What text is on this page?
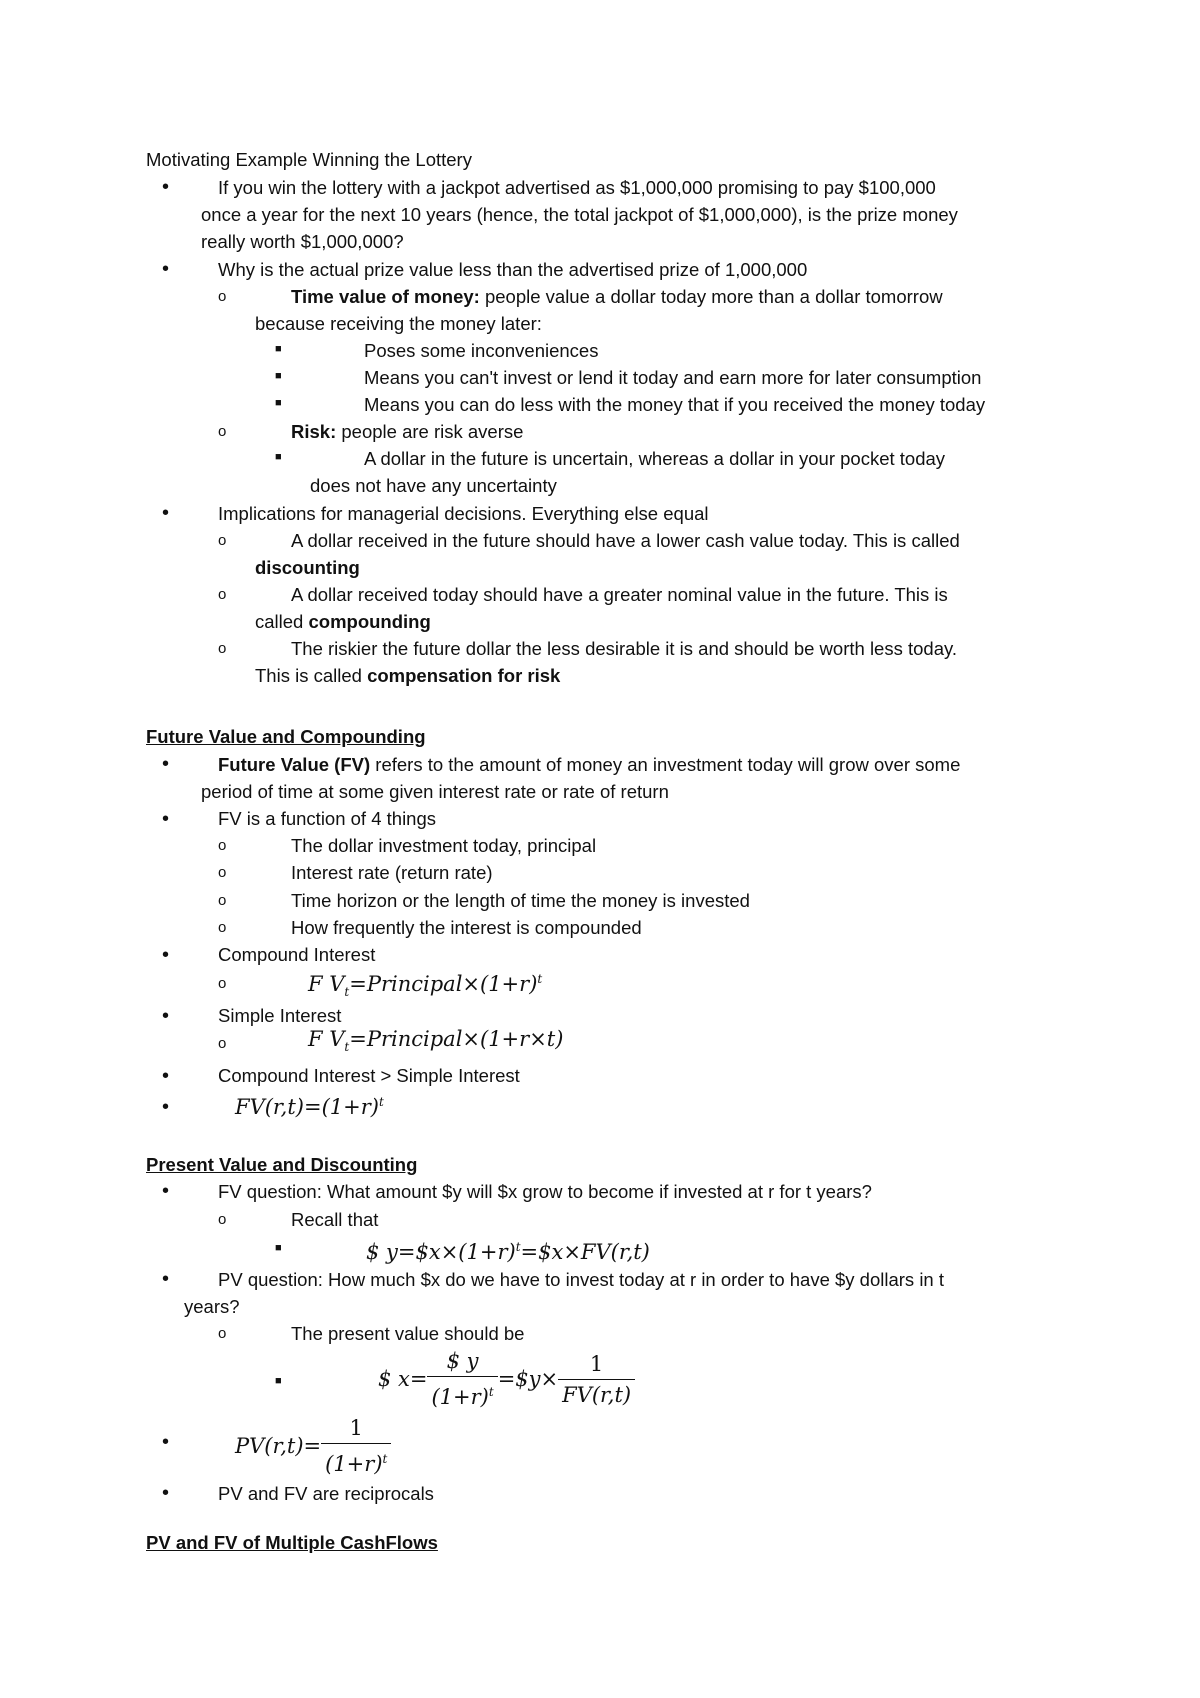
Motivating Example Winning the Lottery
•	If you win the lottery with a jackpot advertised as $1,000,000 promising to pay $100,000
once a year for the next 10 years (hence, the total jackpot of $1,000,000), is the prize money
really worth $1,000,000?
•	Why is the actual prize value less than the advertised prize of 1,000,000
o	Time value of money: people value a dollar today more than a dollar tomorrow
because receiving the money later:
■	Poses some inconveniences
■	Means you can't invest or lend it today and earn more for later consumption
■	Means you can do less with the money that if you received the money today
o	Risk: people are risk averse
■	A dollar in the future is uncertain, whereas a dollar in your pocket today
does not have any uncertainty
•	Implications for managerial decisions. Everything else equal
o	A dollar received in the future should have a lower cash value today. This is called
discounting
o	A dollar received today should have a greater nominal value in the future. This is
called compounding
o	The riskier the future dollar the less desirable it is and should be worth less today.
This is called compensation for risk
Future Value and Compounding
•	Future Value (FV) refers to the amount of money an investment today will grow over some
period of time at some given interest rate or rate of return
•	FV is a function of 4 things
o	The dollar investment today, principal
o	Interest rate (return rate)
o	Time horizon or the length of time the money is invested
o	How frequently the interest is compounded
•	Compound Interest
o	F $V_t=Principal\times(1+r)^t$
•	Simple Interest
o	F $V_t=Principal\times(1+r\times t)$
•	Compound Interest > Simple Interest
•	$FV(r,t)=(1+r)^t$
Present Value and Discounting
•	FV question: What amount $y will $x grow to become if invested at r for t years?
o	Recall that
■	$ $y=\$x\times(1+r)^t=\$x\times FV(r,t)$
•	PV question: How much $x do we have to invest today at r in order to have $y dollars in t
years?
o	The present value should be
■	$ $x= \frac{\$ y}{(1+r)^t}$ =$y× $\frac{1}{FV(r,t)}$
•	$PV(r,t)= \frac{1}{(1+r)^t}$
•	PV and FV are reciprocals
PV and FV of Multiple CashFlows
